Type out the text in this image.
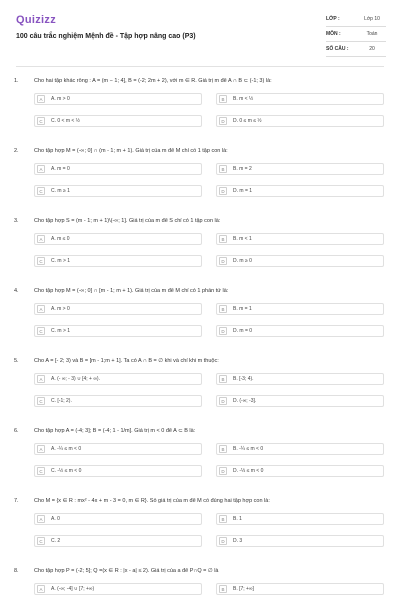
Quizizz
100 câu trắc nghiệm Mệnh đề - Tập hợp nâng cao (P3)
LỚP :	Lớp 10
MÔN :	Toán
SỐ CÂU :	20
1.	Cho hai tập khác rỗng : A = (m − 1; 4], B = (-2; 2m + 2), với m ∈ R. Giá trị m để A ∩ B ⊂ (-1; 3) là:
A	A. m > 0	B	B. m < ½
C	C. 0 < m < ½	D	D. 0 ≤ m ≤ ½
2.	Cho tập hợp M = (-∞; 0] ∩ (m - 1; m + 1). Giá trị của m để M chỉ có 1 tập con là:
A	A. m = 0	B	B. m = 2
C	C. m ≥ 1	D	D. m = 1
3.	Cho tập hợp S = (m - 1; m + 1)\(-∞; 1]. Giá trị của m để S chỉ có 1 tập con là:
A	A. m ≤ 0	B	B. m < 1
C	C. m > 1	D	D. m ≥ 0
4.	Cho tập hợp M = (-∞; 0] ∩ [m - 1; m + 1). Giá trị của m để M chỉ có 1 phần tử là:
A	A. m > 0	B	B. m = 1
C	C. m > 1	D	D. m = 0
5.	Cho A = [- 2; 3) và B = [m - 1;m + 1]. Ta có A ∩ B = ∅ khi và chỉ khi m thuộc:
A	A. (- ∞; - 3) ∪ [4; + ∞).	B	B. [-3; 4).
C	C. [-1; 2).	D	D. (-∞; -3].
6.	Cho tập hợp A = (-4; 3]; B = (-4; 1 - 1/m]. Giá trị m < 0 để A ⊂ B là:
A	A. -¼ ≤ m < 0	B	B. -¼ ≤ m < 0
C	C. -½ ≤ m < 0	D	D. -⅓ ≤ m < 0
7.	Cho M = {x ∈ R : mx² - 4x + m - 3 = 0, m ∈ R}. Số giá trị của m để M có đúng hai tập hợp con là:
A	A. 0	B	B. 1
C	C. 2	D	D. 3
8.	Cho tập hợp P = (-2; 5]; Q =(x ∈ R : |x - a| ≤ 2). Giá trị của a để P∩Q = ∅ là
A	A. (-∞; -4] ∪ [7; +∞)	B	B. [7; +∞]
